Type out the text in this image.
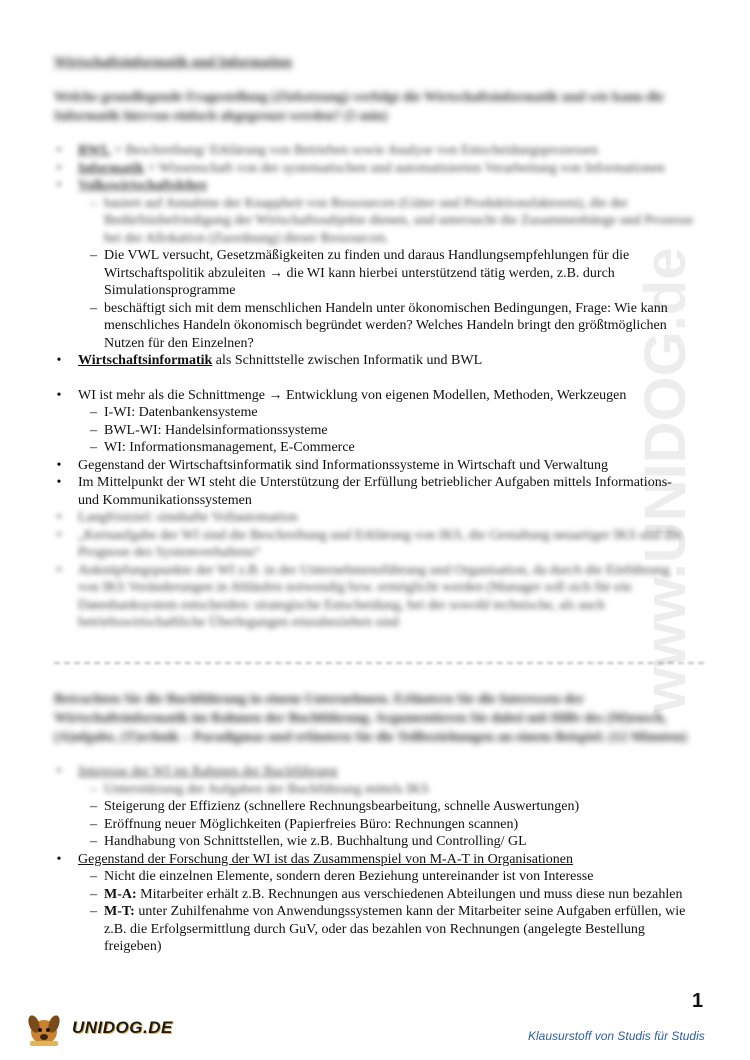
Wirtschaftsinformatik und Information
Welche grundlegende Fragestellung (Zielsetzung) verfolgt die Wirtschaftsinformatik und wie kann die Informatik hiervon einfach abgegrenzt werden? (5 min)
• BWL = Beschreibung/ Erklärung von Betrieben sowie Analyse von Entscheidungsprozessen
• Informatik = Wissenschaft von der systematischen und automatisierten Verarbeitung von Informationen
• Volkswirtschaftslehre
– basiert auf Annahme der Knappheit von Ressourcen (Güter und Produktionsfaktoren), die der Bedürfnisbefriedigung der Wirtschaftssubjekte dienen, und untersucht die Zusammenhänge und Prozesse bei der Allokation (Zuordnung) dieser Ressourcen.
– Die VWL versucht, Gesetzmäßigkeiten zu finden und daraus Handlungsempfehlungen für die Wirtschaftspolitik abzuleiten → die WI kann hierbei unterstützend tätig werden, z.B. durch Simulationsprogramme
– beschäftigt sich mit dem menschlichen Handeln unter ökonomischen Bedingungen, Frage: Wie kann menschliches Handeln ökonomisch begründet werden? Welches Handeln bringt den größtmöglichen Nutzen für den Einzelnen?
• Wirtschaftsinformatik als Schnittstelle zwischen Informatik und BWL
• WI ist mehr als die Schnittmenge → Entwicklung von eigenen Modellen, Methoden, Werkzeugen
– I-WI: Datenbankensysteme
– BWL-WI: Handelsinformationssysteme
– WI: Informationsmanagement, E-Commerce
• Gegenstand der Wirtschaftsinformatik sind Informationssysteme in Wirtschaft und Verwaltung
• Im Mittelpunkt der WI steht die Unterstützung der Erfüllung betrieblicher Aufgaben mittels Informations- und Kommunikationssystemen
• Langfristziel: sinnhafte Vollautomation
• „Kernaufgabe der WI sind die Beschreibung und Erklärung von IKS, die Gestaltung neuartiger IKS und die Prognose des Systemverhaltens“
• Anknüpfungspunkte der WI z.B. in der Unternehmensführung und Organisation, da durch die Einführung von IKS Veränderungen in Abläufen notwendig bzw. ermöglicht werden (Manager soll sich für ein Datenbanksystem entscheiden: strategische Entscheidung, bei der sowohl technische, als auch betriebswirtschaftliche Überlegungen einzubeziehen sind
Betrachten Sie die Buchführung in einem Unternehmen. Erläutern Sie die Interessen der Wirtschaftsinformatik im Rahmen der Buchführung. Argumentieren Sie dabei mit Hilfe des (M)ensch, (A)ufgabe, (T)echnik – Paradigmas und erläutern Sie die Teilbeziehungen an einem Beispiel. (12 Minuten)
• Interesse der WI im Rahmen der Buchführung
– Unterstützung der Aufgaben der Buchführung mittels IKS
– Steigerung der Effizienz (schnellere Rechnungsbearbeitung, schnelle Auswertungen)
– Eröffnung neuer Möglichkeiten (Papierfreies Büro: Rechnungen scannen)
– Handhabung von Schnittstellen, wie z.B. Buchhaltung und Controlling/ GL
• Gegenstand der Forschung der WI ist das Zusammenspiel von M-A-T in Organisationen
– Nicht die einzelnen Elemente, sondern deren Beziehung untereinander ist von Interesse
– M-A: Mitarbeiter erhält z.B. Rechnungen aus verschiedenen Abteilungen und muss diese nun bezahlen
– M-T: unter Zuhilfenahme von Anwendungssystemen kann der Mitarbeiter seine Aufgaben erfüllen, wie z.B. die Erfolgsermittlung durch GuV, oder das bezahlen von Rechnungen (angelegte Bestellung freigeben)
www.UNIDOG.de
1
UNIDOG.DE	Klausurstoff von Studis für Studis
